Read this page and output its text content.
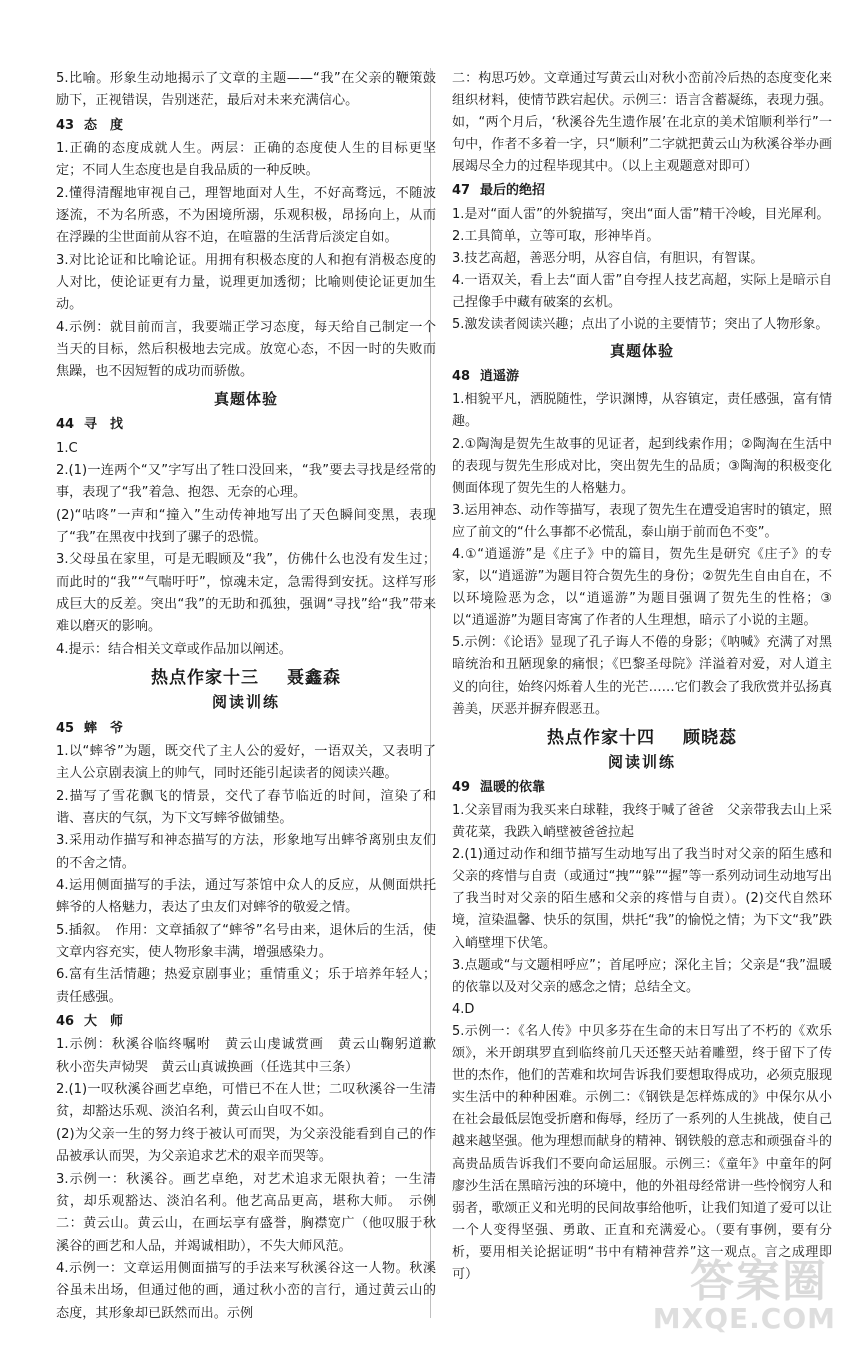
5.比喻。形象生动地揭示了文章的主题——“我”在父亲的鞭策鼓励下，正视错误，告别迷茫，最后对未来充满信心。

43 态　度

1.正确的态度成就人生。两层：正确的态度使人生的目标更坚定；不同人生态度也是自我品质的一种反映。

2.懂得清醒地审视自己，理智地面对人生，不好高骛远，不随波逐流，不为名所惑，不为困境所溺，乐观积极，昂扬向上，从而在浮躁的尘世面前从容不迫，在喧嚣的生活背后淡定自如。

3.对比论证和比喻论证。用拥有积极态度的人和抱有消极态度的人对比，使论证更有力量，说理更加透彻；比喻则使论证更加生动。

4.示例：就目前而言，我要端正学习态度，每天给自己制定一个当天的目标，然后积极地去完成。放宽心态，不因一时的失败而焦躁，也不因短暂的成功而骄傲。

真题体验
44 寻　找

1.C

2.(1)一连两个“又”字写出了牲口没回来，“我”要去寻找是经常的事，表现了“我”着急、抱怨、无奈的心理。

(2)“咕咚”一声和“撞入”生动传神地写出了天色瞬间变黑，表现了“我”在黑夜中找到了骡子的恐慌。

3.父母虽在家里，可是无暇顾及“我”，仿佛什么也没有发生过；而此时的“我”“气喘吁吁”，惊魂未定，急需得到安抚。这样写形成巨大的反差。突出“我”的无助和孤独，强调“寻找”给“我”带来难以磨灭的影响。

4.提示：结合相关文章或作品加以阐述。

热点作家十三 聂鑫森
阅读训练
45 蟀　爷

1.以“蟀爷”为题，既交代了主人公的爱好，一语双关，又表明了主人公京剧表演上的帅气，同时还能引起读者的阅读兴趣。

2.描写了雪花飘飞的情景，交代了春节临近的时间，渲染了和谐、喜庆的气氛，为下文写蟀爷做铺垫。

3.采用动作描写和神态描写的方法，形象地写出蟀爷离别虫友们的不舍之情。

4.运用侧面描写的手法，通过写茶馆中众人的反应，从侧面烘托蟀爷的人格魅力，表达了虫友们对蟀爷的敬爱之情。

5.插叙。　作用：文章插叙了“蟀爷”名号由来，退休后的生活，使文章内容充实，使人物形象丰满，增强感染力。

6.富有生活情趣；热爱京剧事业；重情重义；乐于培养年轻人；责任感强。

46 大　师

1.示例：秋溪谷临终嘱咐　黄云山虔诚赏画　黄云山鞠躬道歉　秋小峦失声恸哭　黄云山真诚换画（任选其中三条）

2.(1)一叹秋溪谷画艺卓绝，可惜已不在人世；二叹秋溪谷一生清贫，却豁达乐观、淡泊名利，黄云山自叹不如。

(2)为父亲一生的努力终于被认可而哭，为父亲没能看到自己的作品被承认而哭，为父亲追求艺术的艰辛而哭等。

3.示例一：秋溪谷。画艺卓绝，对艺术追求无限执着；一生清贫，却乐观豁达、淡泊名利。他艺高品更高，堪称大师。　示例二：黄云山。黄云山，在画坛享有盛誉，胸襟宽广（他叹服于秋溪谷的画艺和人品，并竭诚相助），不失大师风范。

4.示例一：文章运用侧面描写的手法来写秋溪谷这一人物。秋溪谷虽未出场，但通过他的画，通过秋小峦的言行，通过黄云山的态度，其形象却已跃然而出。示例

二：构思巧妙。文章通过写黄云山对秋小峦前冷后热的态度变化来组织材料，使情节跌宕起伏。示例三：语言含蓄凝练，表现力强。如，“两个月后，‘秋溪谷先生遗作展’在北京的美术馆顺利举行”一句中，作者不多着一字，只“顺利”二字就把黄云山为秋溪谷举办画展竭尽全力的过程毕现其中。（以上主观题意对即可）

47 最后的绝招

1.是对“面人雷”的外貌描写，突出“面人雷”精干冷峻，目光犀利。

2.工具简单，立等可取，形神毕肖。

3.技艺高超，善恶分明，从容自信，有胆识，有智谋。

4.一语双关，看上去“面人雷”自夸捏人技艺高超，实际上是暗示自己捏像手中藏有破案的玄机。

5.激发读者阅读兴趣；点出了小说的主要情节；突出了人物形象。

真题体验
48 逍遥游

1.相貌平凡，洒脱随性，学识渊博，从容镇定，责任感强，富有情趣。

2.①陶淘是贺先生故事的见证者，起到线索作用；②陶淘在生活中的表现与贺先生形成对比，突出贺先生的品质；③陶淘的积极变化侧面体现了贺先生的人格魅力。

3.运用神态、动作等描写，表现了贺先生在遭受追害时的镇定，照应了前文的“什么事都不必慌乱，泰山崩于前而色不变”。

4.①“逍遥游”是《庄子》中的篇目，贺先生是研究《庄子》的专家，以“逍遥游”为题目符合贺先生的身份；②贺先生自由自在，不以环境险恶为念，以“逍遥游”为题目强调了贺先生的性格；③以“逍遥游”为题目寄寓了作者的人生理想，暗示了小说的主题。

5.示例：《论语》显现了孔子诲人不倦的身影；《呐喊》充满了对黑暗统治和丑陋现象的痛恨；《巴黎圣母院》洋溢着对爱，对人道主义的向往，始终闪烁着人生的光芒……它们教会了我欣赏并弘扬真善美，厌恶并摒弃假恶丑。

热点作家十四 顾晓蕊
阅读训练
49 温暖的依靠

1.父亲冒雨为我买来白球鞋，我终于喊了爸爸　父亲带我去山上采黄花菜，我跌入峭壁被爸爸拉起

2.(1)通过动作和细节描写生动地写出了我当时对父亲的陌生感和父亲的疼惜与自责（或通过“拽”“躲”“握”等一系列动词生动地写出了我当时对父亲的陌生感和父亲的疼惜与自责）。(2)交代自然环境，渲染温馨、快乐的氛围，烘托“我”的愉悦之情；为下文“我”跌入峭壁埋下伏笔。

3.点题或“与文题相呼应”；首尾呼应；深化主旨；父亲是“我”温暖的依靠以及对父亲的感念之情；总结全文。

4.D

5.示例一：《名人传》中贝多芬在生命的末日写出了不朽的《欢乐颂》，米开朗琪罗直到临终前几天还整天站着雕塑，终于留下了传世的杰作，他们的苦难和坎坷告诉我们要想取得成功，必须克服现实生活中的种种困难。示例二：《钢铁是怎样炼成的》中保尔从小在社会最低层饱受折磨和侮辱，经历了一系列的人生挑战，使自己越来越坚强。他为理想而献身的精神、钢铁般的意志和顽强奋斗的高贵品质告诉我们不要向命运屈服。示例三：《童年》中童年的阿廖沙生活在黑暗污浊的环境中，他的外祖母经常讲一些怜悯穷人和弱者，歌颂正义和光明的民间故事给他听，让我们知道了爱可以让一个人变得坚强、勇敢、正直和充满爱心。（要有事例，要有分析，要用相关论据证明“书中有精神营养”这一观点。言之成理即可）	答案圈
MXQE.COM
